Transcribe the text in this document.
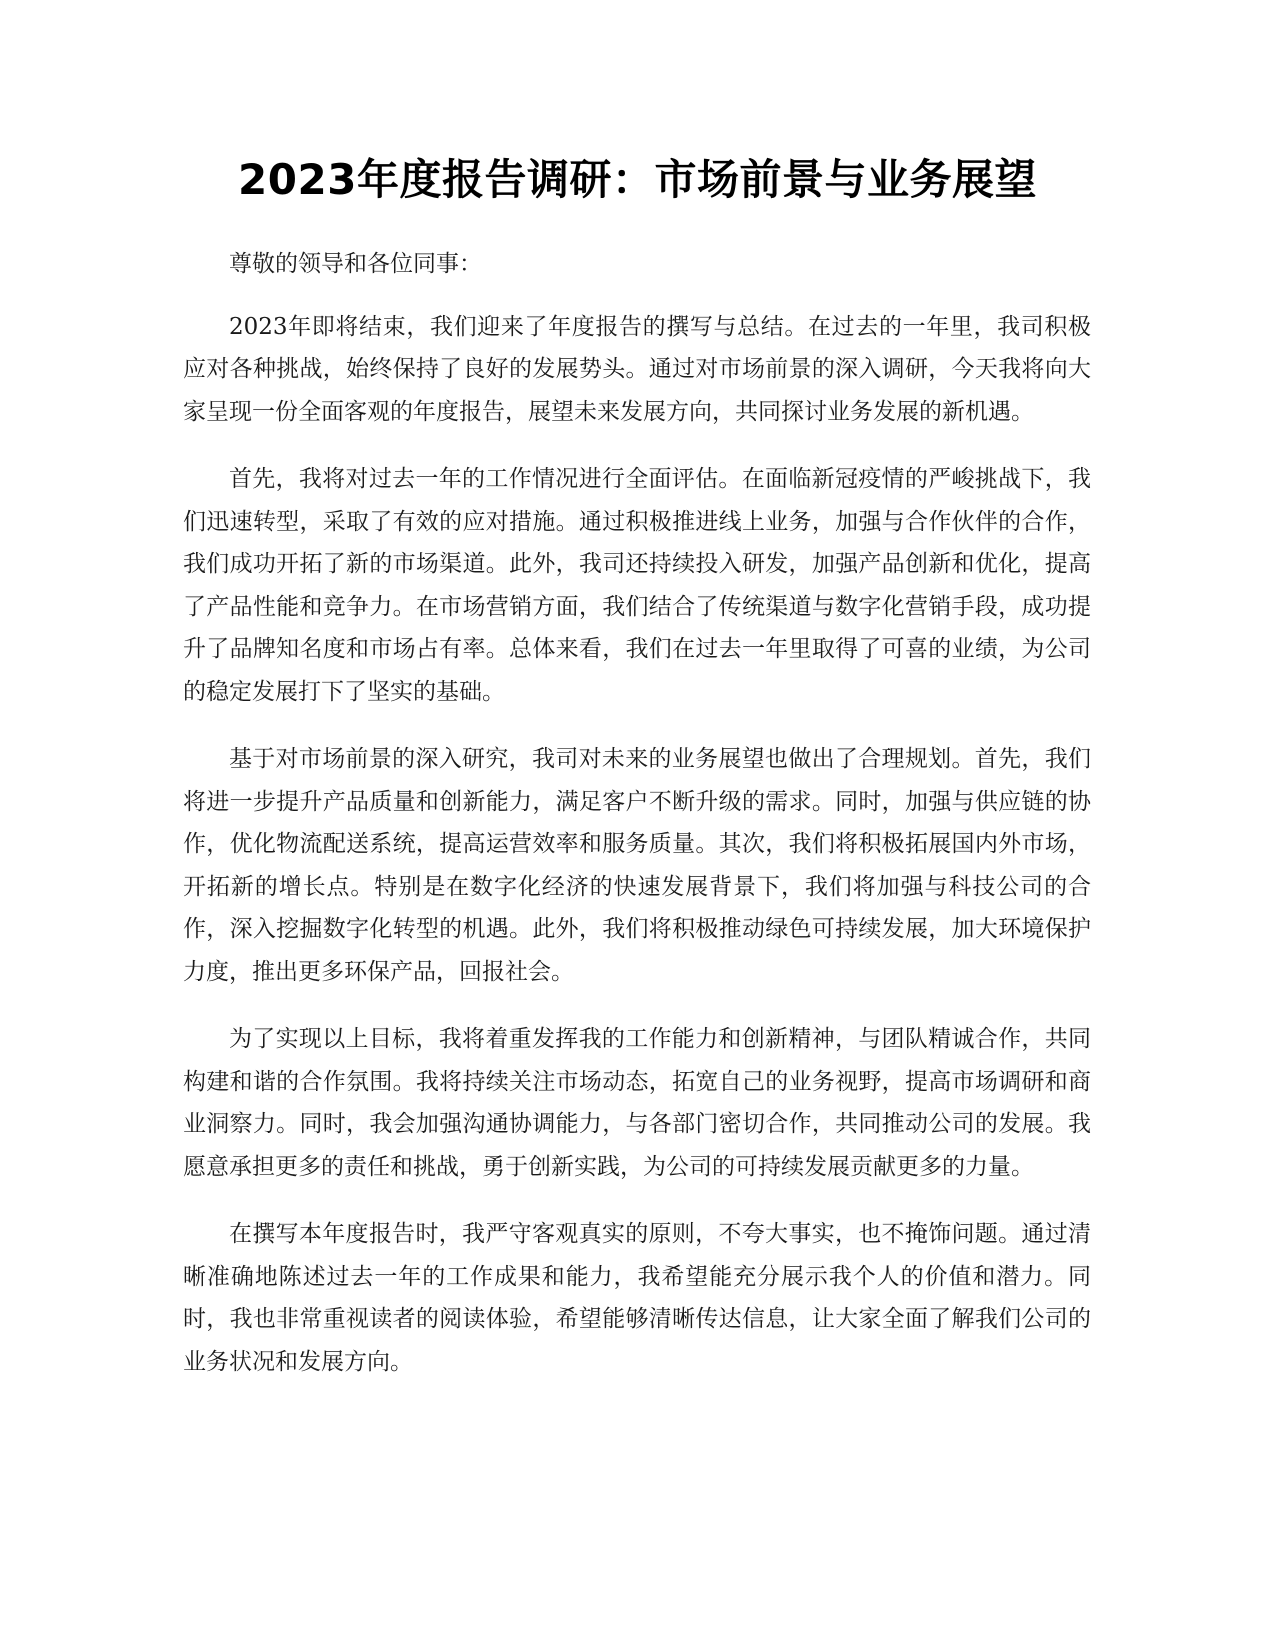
2023年度报告调研：市场前景与业务展望

尊敬的领导和各位同事：

2023年即将结束，我们迎来了年度报告的撰写与总结。在过去的一年里，我司积极应对各种挑战，始终保持了良好的发展势头。通过对市场前景的深入调研，今天我将向大家呈现一份全面客观的年度报告，展望未来发展方向，共同探讨业务发展的新机遇。

首先，我将对过去一年的工作情况进行全面评估。在面临新冠疫情的严峻挑战下，我们迅速转型，采取了有效的应对措施。通过积极推进线上业务，加强与合作伙伴的合作，我们成功开拓了新的市场渠道。此外，我司还持续投入研发，加强产品创新和优化，提高了产品性能和竞争力。在市场营销方面，我们结合了传统渠道与数字化营销手段，成功提升了品牌知名度和市场占有率。总体来看，我们在过去一年里取得了可喜的业绩，为公司的稳定发展打下了坚实的基础。

基于对市场前景的深入研究，我司对未来的业务展望也做出了合理规划。首先，我们将进一步提升产品质量和创新能力，满足客户不断升级的需求。同时，加强与供应链的协作，优化物流配送系统，提高运营效率和服务质量。其次，我们将积极拓展国内外市场，开拓新的增长点。特别是在数字化经济的快速发展背景下，我们将加强与科技公司的合作，深入挖掘数字化转型的机遇。此外，我们将积极推动绿色可持续发展，加大环境保护力度，推出更多环保产品，回报社会。

为了实现以上目标，我将着重发挥我的工作能力和创新精神，与团队精诚合作，共同构建和谐的合作氛围。我将持续关注市场动态，拓宽自己的业务视野，提高市场调研和商业洞察力。同时，我会加强沟通协调能力，与各部门密切合作，共同推动公司的发展。我愿意承担更多的责任和挑战，勇于创新实践，为公司的可持续发展贡献更多的力量。

在撰写本年度报告时，我严守客观真实的原则，不夸大事实，也不掩饰问题。通过清晰准确地陈述过去一年的工作成果和能力，我希望能充分展示我个人的价值和潜力。同时，我也非常重视读者的阅读体验，希望能够清晰传达信息，让大家全面了解我们公司的业务状况和发展方向。
